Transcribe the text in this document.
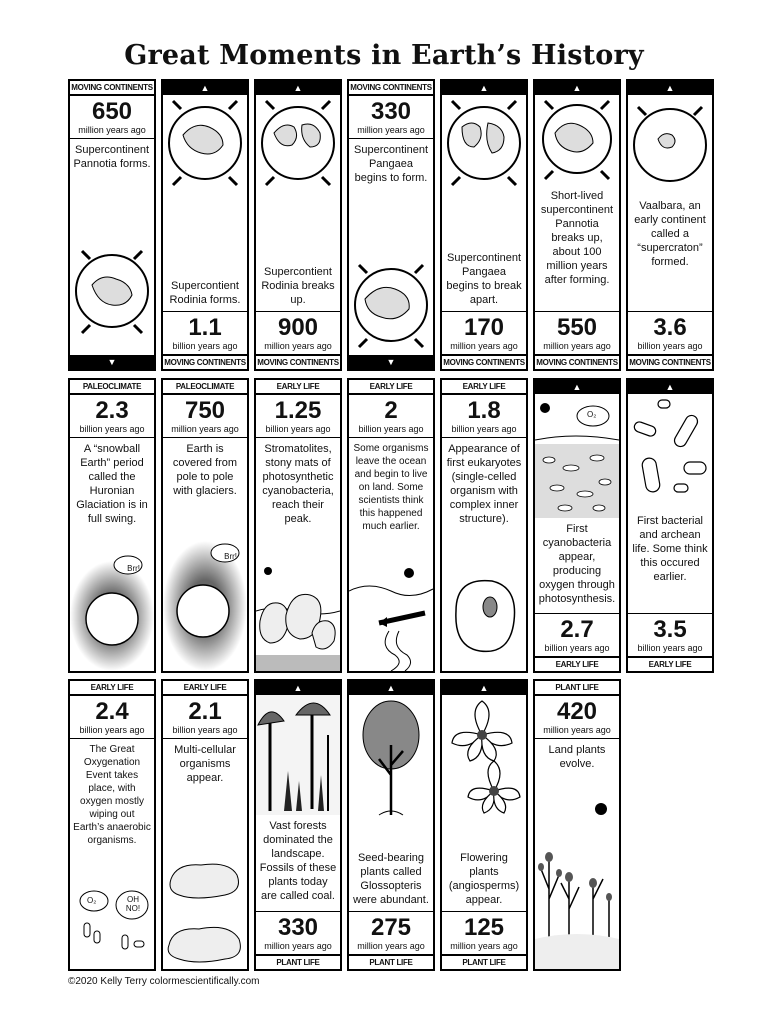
Great Moments in Earth’s History
MOVING CONTINENTS
650
million years ago
Supercontinent Pannotia forms.
▼
▲
Supercontient Rodinia forms.
1.1
billion years ago
MOVING CONTINENTS
▲
Supercontient Rodinia breaks up.
900
million years ago
MOVING CONTINENTS
MOVING CONTINENTS
330
million years ago
Supercontinent Pangaea begins to form.
▼
▲
Supercontinent Pangaea begins to break apart.
170
million years ago
MOVING CONTINENTS
▲
Short-lived supercontinent Pannotia breaks up, about 100 million years after forming.
550
million years ago
MOVING CONTINENTS
▲
Vaalbara, an early continent called a “supercraton” formed.
3.6
billion years ago
MOVING CONTINENTS
PALEOCLIMATE
2.3
billion years ago
A “snowball Earth” period called the Huronian Glaciation is in full swing.
Brr!
PALEOCLIMATE
750
million years ago
Earth is covered from pole to pole with glaciers.
Brr!
EARLY LIFE
1.25
billion years ago
Stromatolites, stony mats of photosynthetic cyanobacteria, reach their peak.
EARLY LIFE
2
billion years ago
Some organisms leave the ocean and begin to live on land. Some scientists think this happened much earlier.
EARLY LIFE
1.8
billion years ago
Appearance of first eukaryotes (single-celled organism with complex inner structure).
▲
O₂
First cyanobacteria appear, producing oxygen through photosynthesis.
2.7
billion years ago
EARLY LIFE
▲
First bacterial and archean life. Some think this occured earlier.
3.5
billion years ago
EARLY LIFE
EARLY LIFE
2.4
billion years ago
The Great Oxygenation Event takes place, with oxygen mostly wiping out Earth’s anaerobic organisms.
O₂	OH NO!
EARLY LIFE
2.1
billion years ago
Multi-cellular organisms appear.
▲
Vast forests dominated the landscape. Fossils of these plants today are called coal.
330
million years ago
PLANT LIFE
▲
Seed-bearing plants called Glossopteris were abundant.
275
million years ago
PLANT LIFE
▲
Flowering plants (angiosperms) appear.
125
million years ago
PLANT LIFE
PLANT LIFE
420
million years ago
Land plants evolve.
©2020 Kelly Terry colormescientifically.com
